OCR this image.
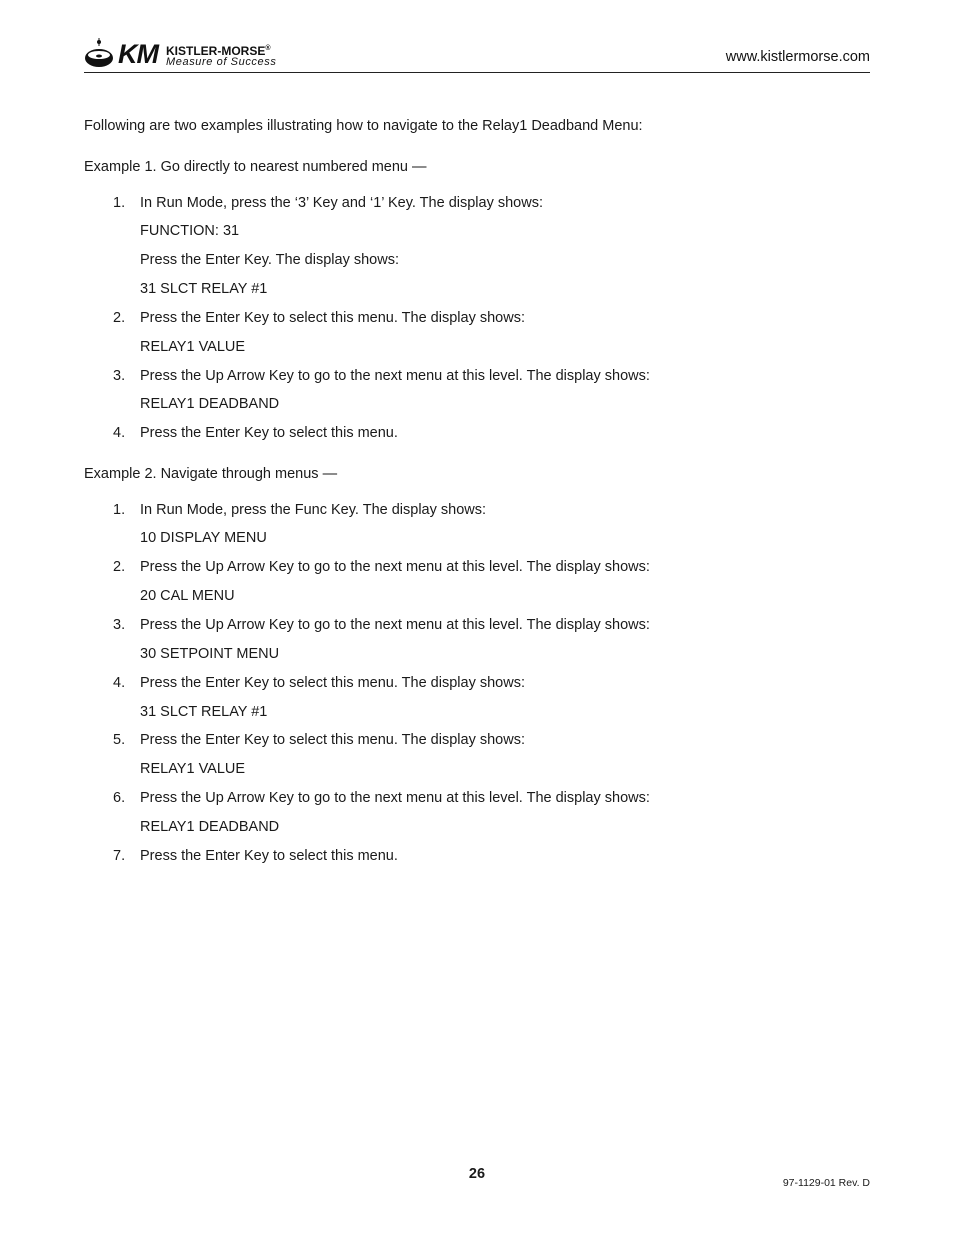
KM KISTLER-MORSE®
Measure of Success	www.kistlermorse.com
Following are two examples illustrating how to navigate to the Relay1 Deadband Menu:
Example 1. Go directly to nearest numbered menu —
1. In Run Mode, press the ‘3’ Key and ‘1’ Key. The display shows:
FUNCTION: 31
Press the Enter Key. The display shows:
31 SLCT RELAY #1
2. Press the Enter Key to select this menu. The display shows:
RELAY1 VALUE
3. Press the Up Arrow Key to go to the next menu at this level. The display shows:
RELAY1 DEADBAND
4. Press the Enter Key to select this menu.
Example 2. Navigate through menus —
1. In Run Mode, press the Func Key. The display shows:
10 DISPLAY MENU
2. Press the Up Arrow Key to go to the next menu at this level. The display shows:
20 CAL MENU
3. Press the Up Arrow Key to go to the next menu at this level. The display shows:
30 SETPOINT MENU
4. Press the Enter Key to select this menu. The display shows:
31 SLCT RELAY #1
5. Press the Enter Key to select this menu. The display shows:
RELAY1 VALUE
6. Press the Up Arrow Key to go to the next menu at this level. The display shows:
RELAY1 DEADBAND
7. Press the Enter Key to select this menu.
26
97-1129-01 Rev. D
